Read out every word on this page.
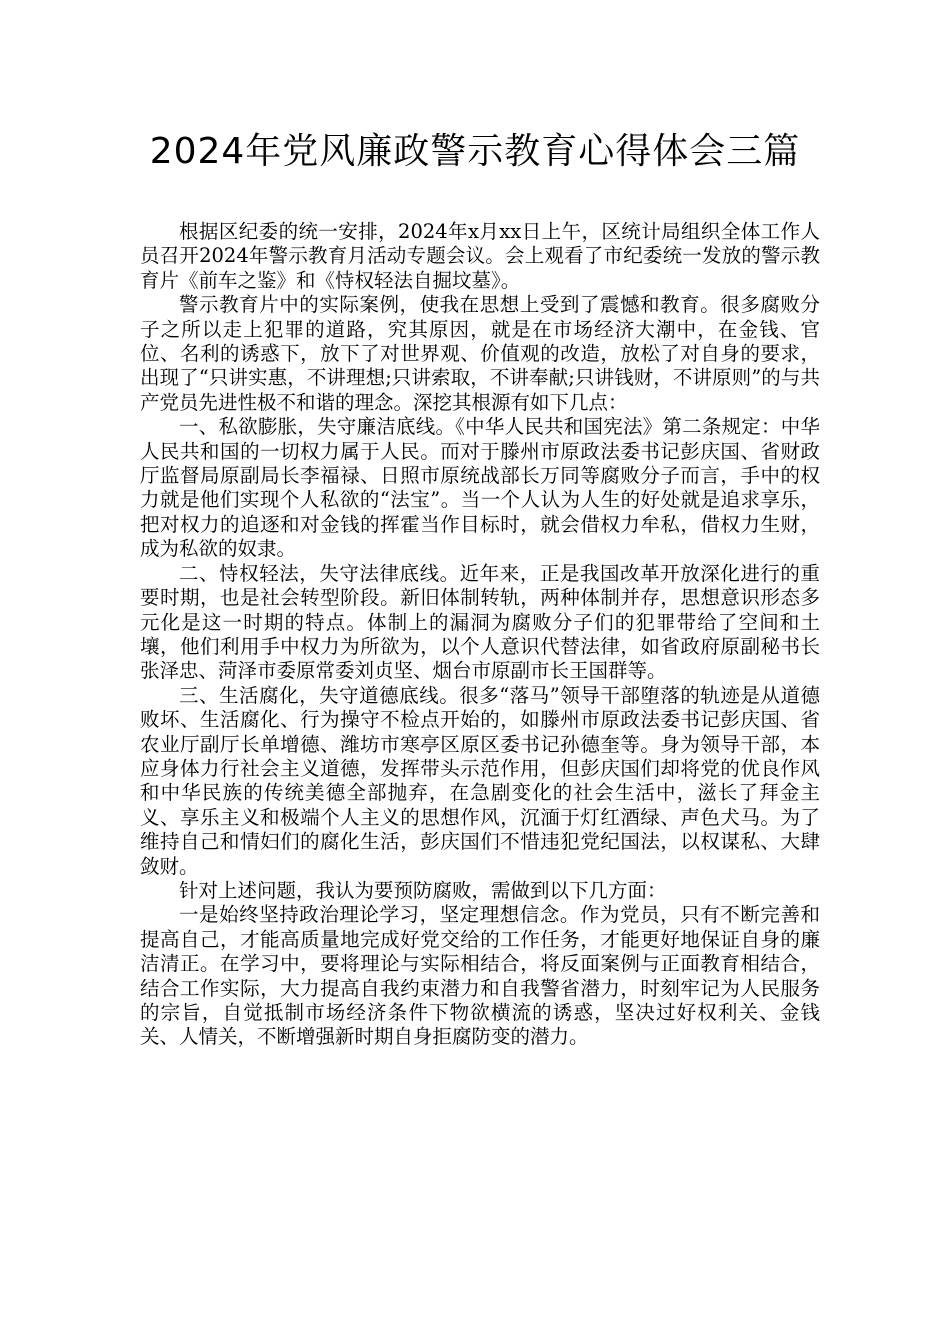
2024年党风廉政警示教育心得体会三篇

根据区纪委的统一安排，2024年x月xx日上午，区统计局组织全体工作人员召开2024年警示教育月活动专题会议。会上观看了市纪委统一发放的警示教育片《前车之鉴》和《恃权轻法自掘坟墓》。

警示教育片中的实际案例，使我在思想上受到了震憾和教育。很多腐败分子之所以走上犯罪的道路，究其原因，就是在市场经济大潮中，在金钱、官位、名利的诱惑下，放下了对世界观、价值观的改造，放松了对自身的要求，出现了“只讲实惠，不讲理想;只讲索取，不讲奉献;只讲钱财，不讲原则”的与共产党员先进性极不和谐的理念。深挖其根源有如下几点：

一、私欲膨胀，失守廉洁底线。《中华人民共和国宪法》第二条规定：中华人民共和国的一切权力属于人民。而对于滕州市原政法委书记彭庆国、省财政厅监督局原副局长李福禄、日照市原统战部长万同等腐败分子而言，手中的权力就是他们实现个人私欲的“法宝”。当一个人认为人生的好处就是追求享乐，把对权力的追逐和对金钱的挥霍当作目标时，就会借权力牟私，借权力生财，成为私欲的奴隶。

二、恃权轻法，失守法律底线。近年来，正是我国改革开放深化进行的重要时期，也是社会转型阶段。新旧体制转轨，两种体制并存，思想意识形态多元化是这一时期的特点。体制上的漏洞为腐败分子们的犯罪带给了空间和土壤，他们利用手中权力为所欲为，以个人意识代替法律，如省政府原副秘书长张泽忠、菏泽市委原常委刘贞坚、烟台市原副市长王国群等。

三、生活腐化，失守道德底线。很多“落马”领导干部堕落的轨迹是从道德败坏、生活腐化、行为操守不检点开始的，如滕州市原政法委书记彭庆国、省农业厅副厅长单增德、潍坊市寒亭区原区委书记孙德奎等。身为领导干部，本应身体力行社会主义道德，发挥带头示范作用，但彭庆国们却将党的优良作风和中华民族的传统美德全部抛弃，在急剧变化的社会生活中，滋长了拜金主义、享乐主义和极端个人主义的思想作风，沉湎于灯红酒绿、声色犬马。为了维持自己和情妇们的腐化生活，彭庆国们不惜违犯党纪国法，以权谋私、大肆敛财。

针对上述问题，我认为要预防腐败，需做到以下几方面：

一是始终坚持政治理论学习，坚定理想信念。作为党员，只有不断完善和提高自己，才能高质量地完成好党交给的工作任务，才能更好地保证自身的廉洁清正。在学习中，要将理论与实际相结合，将反面案例与正面教育相结合，结合工作实际，大力提高自我约束潜力和自我警省潜力，时刻牢记为人民服务的宗旨，自觉抵制市场经济条件下物欲横流的诱惑，坚决过好权利关、金钱关、人情关，不断增强新时期自身拒腐防变的潜力。
